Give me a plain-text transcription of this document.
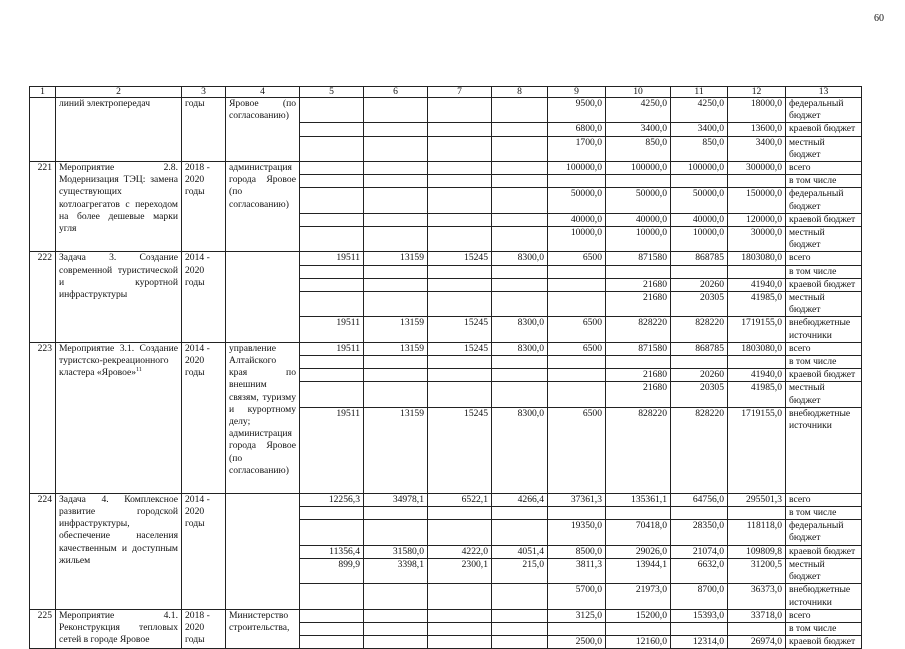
60
1	2	3	4	5	6	7	8	9	10	11	12	13
	линий электропередач	годы	Яровое (по согласованию)					9500,0	4250,0	4250,0	18000,0	федеральный бюджет
								6800,0	3400,0	3400,0	13600,0	краевой бюджет
								1700,0	850,0	850,0	3400,0	местный бюджет
221	Мероприятие 2.8. Модернизация ТЭЦ: замена существующих котлоагрегатов с переходом на более дешевые марки угля	2018 - 2020 годы	администрация города Яровое (по согласованию)					100000,0	100000,0	100000,0	300000,0	всего
												в том числе
								50000,0	50000,0	50000,0	150000,0	федеральный бюджет
								40000,0	40000,0	40000,0	120000,0	краевой бюджет
								10000,0	10000,0	10000,0	30000,0	местный бюджет
222	Задача 3. Создание современной туристической и курортной инфраструктуры	2014 - 2020 годы		19511	13159	15245	8300,0	6500	871580	868785	1803080,0	всего
												в том числе
									21680	20260	41940,0	краевой бюджет
									21680	20305	41985,0	местный бюджет
				19511	13159	15245	8300,0	6500	828220	828220	1719155,0	внебюджетные источники
223	Мероприятие 3.1. Создание туристско-рекреационного кластера «Яровое»$^{11}$	2014 - 2020 годы	управление Алтайского края по внешним связям, туризму и курортному делу; администрация города Яровое (по согласованию)	19511	13159	15245	8300,0	6500	871580	868785	1803080,0	всего
												в том числе
									21680	20260	41940,0	краевой бюджет
									21680	20305	41985,0	местный бюджет
				19511	13159	15245	8300,0	6500	828220	828220	1719155,0	внебюджетные источники
224	Задача 4. Комплексное развитие городской инфраструктуры, обеспечение населения качественным и доступным жильем	2014 - 2020 годы		12256,3	34978,1	6522,1	4266,4	37361,3	135361,1	64756,0	295501,3	всего
												в том числе
								19350,0	70418,0	28350,0	118118,0	федеральный бюджет
				11356,4	31580,0	4222,0	4051,4	8500,0	29026,0	21074,0	109809,8	краевой бюджет
				899,9	3398,1	2300,1	215,0	3811,3	13944,1	6632,0	31200,5	местный бюджет
								5700,0	21973,0	8700,0	36373,0	внебюджетные источники
225	Мероприятие 4.1. Реконструкция тепловых сетей в городе Яровое	2018 - 2020 годы	Министерство строительства,					3125,0	15200,0	15393,0	33718,0	всего
												в том числе
								2500,0	12160,0	12314,0	26974,0	краевой бюджет
